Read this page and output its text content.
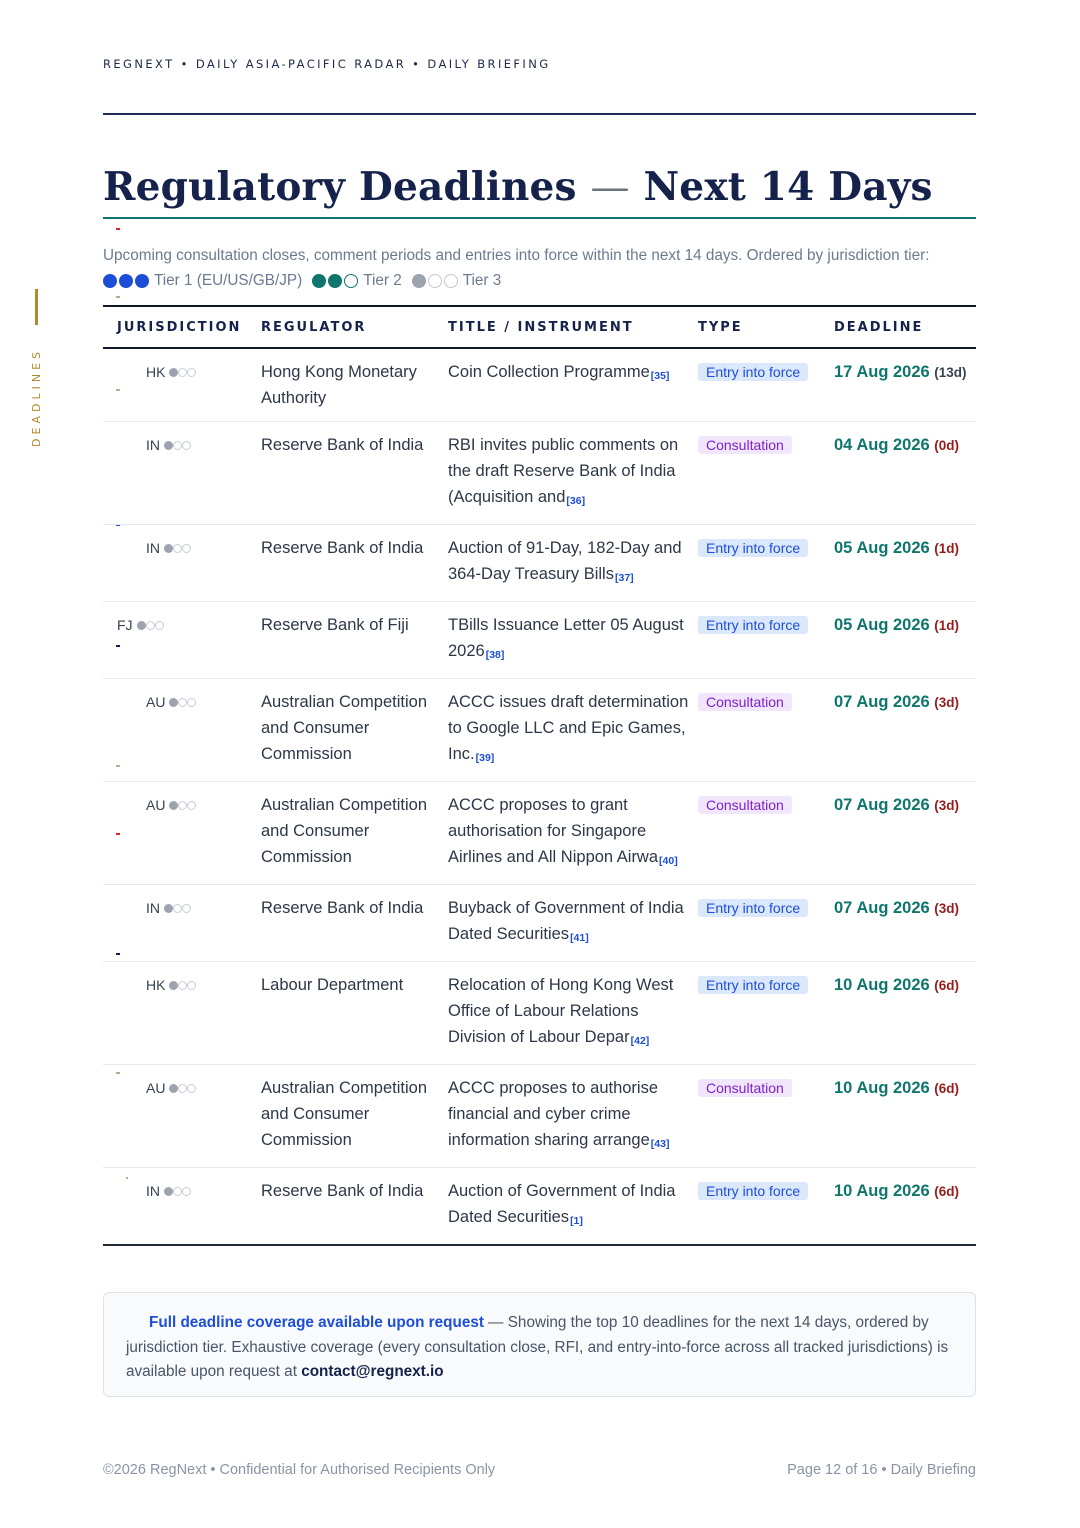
REGNEXT • DAILY ASIA-PACIFIC RADAR • DAILY BRIEFING
DEADLINES
Regulatory Deadlines — Next 14 Days
Upcoming consultation closes, comment periods and entries into force within the next 14 days. Ordered by jurisdiction tier:
Tier 1 (EU/US/GB/JP)	Tier 2	Tier 3
JURISDICTION	REGULATOR	TITLE / INSTRUMENT	TYPE	DEADLINE

HK	Hong Kong Monetary Authority	Coin Collection Programme[35]	Entry into force	17 Aug 2026 (13d)

IN	Reserve Bank of India	RBI invites public comments on the draft Reserve Bank of India (Acquisition and[36]	Consultation	04 Aug 2026 (0d)

IN	Reserve Bank of India	Auction of 91-Day, 182-Day and 364-Day Treasury Bills[37]	Entry into force	05 Aug 2026 (1d)

FJ	Reserve Bank of Fiji	TBills Issuance Letter 05 August 2026[38]	Entry into force	05 Aug 2026 (1d)

AU	Australian Competition and Consumer Commission	ACCC issues draft determination to Google LLC and Epic Games, Inc.[39]	Consultation	07 Aug 2026 (3d)

AU	Australian Competition and Consumer Commission	ACCC proposes to grant authorisation for Singapore Airlines and All Nippon Airwa[40]	Consultation	07 Aug 2026 (3d)

IN	Reserve Bank of India	Buyback of Government of India Dated Securities[41]	Entry into force	07 Aug 2026 (3d)

HK	Labour Department	Relocation of Hong Kong West Office of Labour Relations Division of Labour Depar[42]	Entry into force	10 Aug 2026 (6d)

AU	Australian Competition and Consumer Commission	ACCC proposes to authorise financial and cyber crime information sharing arrange[43]	Consultation	10 Aug 2026 (6d)

IN	Reserve Bank of India	Auction of Government of India Dated Securities[1]	Entry into force	10 Aug 2026 (6d)
Full deadline coverage available upon request — Showing the top 10 deadlines for the next 14 days, ordered by jurisdiction tier. Exhaustive coverage (every consultation close, RFI, and entry-into-force across all tracked jurisdictions) is available upon request at contact@regnext.io
©2026 RegNext • Confidential for Authorised Recipients Only	Page 12 of 16 • Daily Briefing
